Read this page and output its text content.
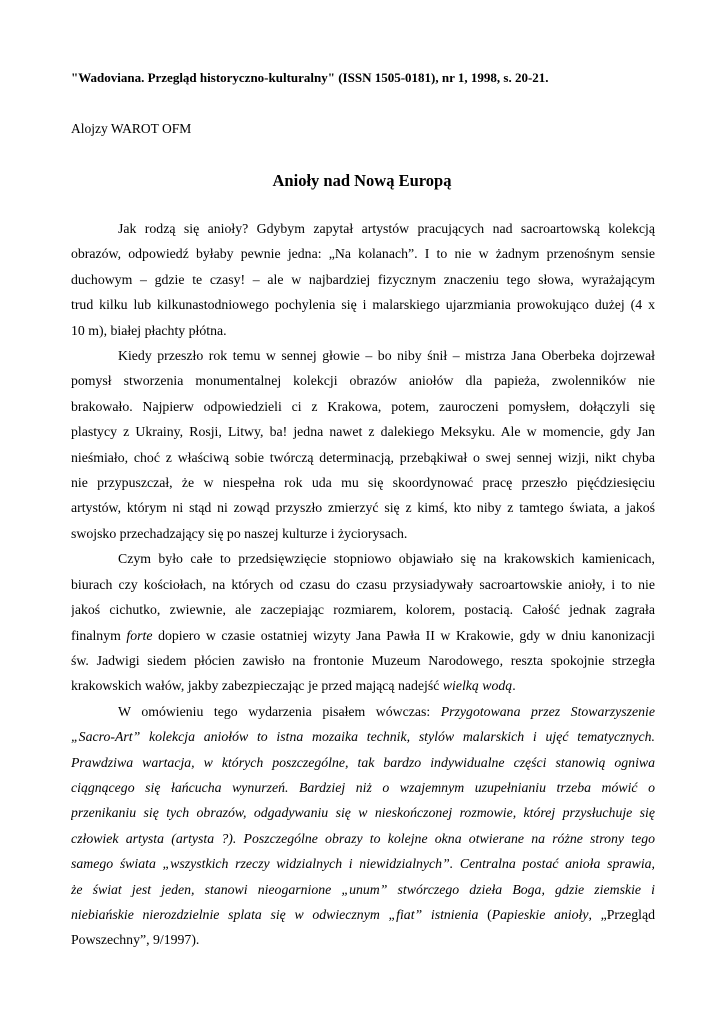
"Wadoviana. Przegląd historyczno-kulturalny" (ISSN 1505-0181), nr 1, 1998, s. 20-21.
Alojzy WAROT OFM
Anioły nad Nową Europą
Jak rodzą się anioły? Gdybym zapytał artystów pracujących nad sacroartowską kolekcją
obrazów, odpowiedź byłaby pewnie jedna: „Na kolanach”. I to nie w żadnym przenośnym sensie
duchowym – gdzie te czasy! – ale w najbardziej fizycznym znaczeniu tego słowa, wyrażającym
trud kilku lub kilkunastodniowego pochylenia się i malarskiego ujarzmiania prowokująco dużej (4 x
10 m), białej płachty płótna.
Kiedy przeszło rok temu w sennej głowie – bo niby śnił – mistrza Jana Oberbeka dojrzewał
pomysł stworzenia monumentalnej kolekcji obrazów aniołów dla papieża, zwolenników nie
brakowało. Najpierw odpowiedzieli ci z Krakowa, potem, zauroczeni pomysłem, dołączyli się
plastycy z Ukrainy, Rosji, Litwy, ba! jedna nawet z dalekiego Meksyku. Ale w momencie, gdy Jan
nieśmiało, choć z właściwą sobie twórczą determinacją, przebąkiwał o swej sennej wizji, nikt chyba
nie przypuszczał, że w niespełna rok uda mu się skoordynować pracę przeszło pięćdziesięciu
artystów, którym ni stąd ni zowąd przyszło zmierzyć się z kimś, kto niby z tamtego świata, a jakoś
swojsko przechadzający się po naszej kulturze i życiorysach.
Czym było całe to przedsięwzięcie stopniowo objawiało się na krakowskich kamienicach,
biurach czy kościołach, na których od czasu do czasu przysiadywały sacroartowskie anioły, i to nie
jakoś cichutko, zwiewnie, ale zaczepiając rozmiarem, kolorem, postacią. Całość jednak zagrała
finalnym forte dopiero w czasie ostatniej wizyty Jana Pawła II w Krakowie, gdy w dniu kanonizacji
św. Jadwigi siedem płócien zawisło na frontonie Muzeum Narodowego, reszta spokojnie strzegła
krakowskich wałów, jakby zabezpieczając je przed mającą nadejść wielką wodą.
W omówieniu tego wydarzenia pisałem wówczas: Przygotowana przez Stowarzyszenie
„Sacro-Art” kolekcja aniołów to istna mozaika technik, stylów malarskich i ujęć tematycznych.
Prawdziwa wartacja, w których poszczególne, tak bardzo indywidualne części stanowią ogniwa
ciągnącego się łańcucha wynurzeń. Bardziej niż o wzajemnym uzupełnianiu trzeba mówić o
przenikaniu się tych obrazów, odgadywaniu się w nieskończonej rozmowie, której przysłuchuje się
człowiek artysta (artysta ?). Poszczególne obrazy to kolejne okna otwierane na różne strony tego
samego świata „wszystkich rzeczy widzialnych i niewidzialnych”. Centralna postać anioła sprawia,
że świat jest jeden, stanowi nieogarnione „unum” stwórczego dzieła Boga, gdzie ziemskie i
niebiańskie nierozdzielnie splata się w odwiecznym „fiat” istnienia (Papieskie anioły, „Przegląd
Powszechny”, 9/1997).
